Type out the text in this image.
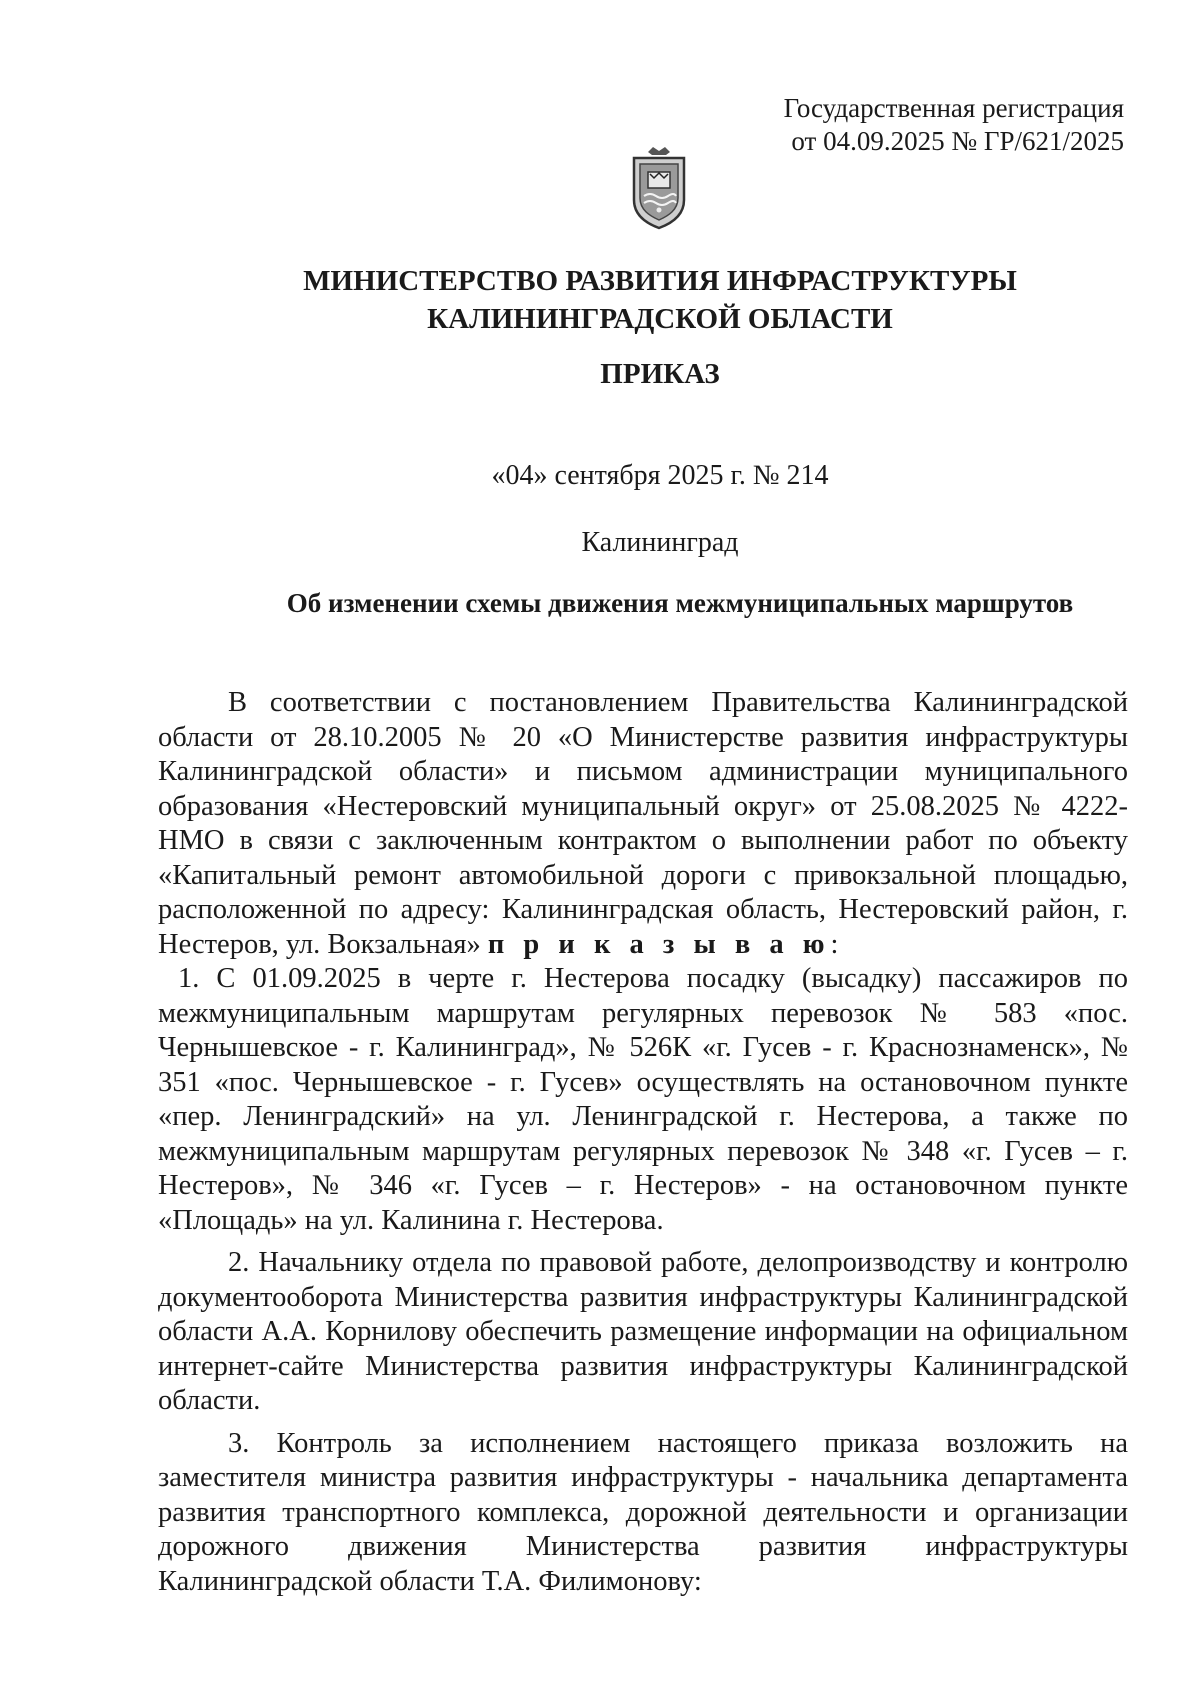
Государственная регистрация
от 04.09.2025 № ГР/621/2025
МИНИСТЕРСТВО РАЗВИТИЯ ИНФРАСТРУКТУРЫ
КАЛИНИНГРАДСКОЙ ОБЛАСТИ
ПРИКАЗ
«04» сентября 2025 г. № 214
Калининград
Об изменении схемы движения межмуниципальных маршрутов

В соответствии с постановлением Правительства Калининградской области от 28.10.2005 № 20 «О Министерстве развития инфраструктуры Калининградской области» и письмом администрации муниципального образования «Нестеровский муниципальный округ» от 25.08.2025 № 4222-НМО в связи с заключенным контрактом о выполнении работ по объекту «Капитальный ремонт автомобильной дороги с привокзальной площадью, расположенной по адресу: Калининградская область, Нестеровский район, г. Нестеров, ул. Вокзальная» п р и к а з ы в а ю:

1. С 01.09.2025 в черте г. Нестерова посадку (высадку) пассажиров по межмуниципальным маршрутам регулярных перевозок № 583 «пос. Чернышевское - г. Калининград», № 526К «г. Гусев - г. Краснознаменск», № 351 «пос. Чернышевское - г. Гусев» осуществлять на остановочном пункте «пер. Ленинградский» на ул. Ленинградской г. Нестерова, а также по межмуниципальным маршрутам регулярных перевозок № 348 «г. Гусев – г. Нестеров», № 346 «г. Гусев – г. Нестеров» - на остановочном пункте «Площадь» на ул. Калинина г. Нестерова.

2. Начальнику отдела по правовой работе, делопроизводству и контролю документооборота Министерства развития инфраструктуры Калининградской области А.А. Корнилову обеспечить размещение информации на официальном интернет-сайте Министерства развития инфраструктуры Калининградской области.

3. Контроль за исполнением настоящего приказа возложить на заместителя министра развития инфраструктуры - начальника департамента развития транспортного комплекса, дорожной деятельности и организации дорожного движения Министерства развития инфраструктуры Калининградской области Т.А. Филимонову:
